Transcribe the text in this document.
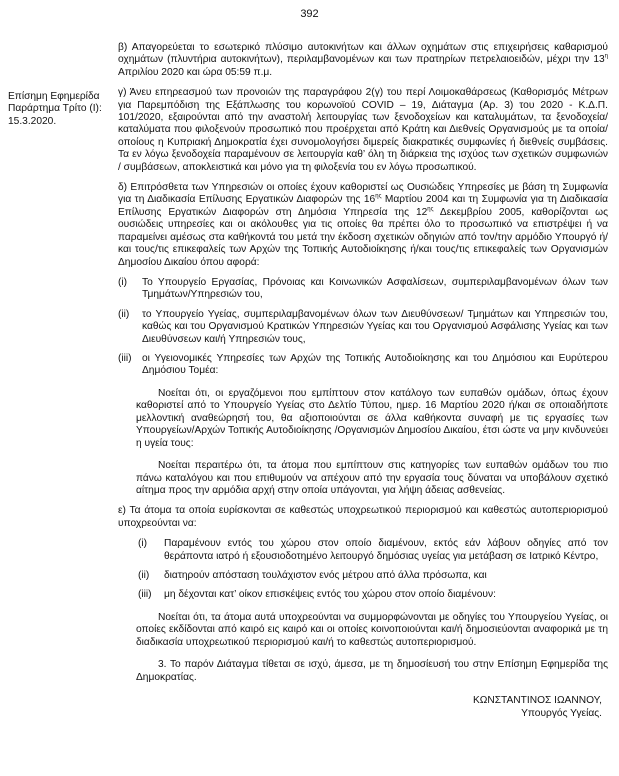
392
Επίσημη Εφημερίδα Παράρτημα Τρίτο (Ι): 15.3.2020.

β) Απαγορεύεται το εσωτερικό πλύσιμο αυτοκινήτων και άλλων οχημάτων στις επιχειρήσεις καθαρισμού οχημάτων (πλυντήρια αυτοκινήτων), περιλαμβανομένων και των πρατηρίων πετρελαιοειδών, μέχρι την $13^\eta$ Απριλίου 2020 και ώρα 05:59 π.μ.

γ) Άνευ επηρεασμού των προνοιών της παραγράφου 2(γ) του περί Λοιμοκαθάρσεως (Καθορισμός Μέτρων για Παρεμπόδιση της Εξάπλωσης του κορωνοϊού COVID – 19, Διάταγμα (Αρ. 3) του 2020 - Κ.Δ.Π. 101/2020, εξαιρούνται από την αναστολή λειτουργίας των ξενοδοχείων και καταλυμάτων, τα ξενοδοχεία/καταλύματα που φιλοξενούν προσωπικό που προέρχεται από Κράτη και Διεθνείς Οργανισμούς με τα οποία/οποίους η Κυπριακή Δημοκρατία έχει συνομολογήσει διμερείς διακρατικές συμφωνίες ή διεθνείς συμβάσεις. Τα εν λόγω ξενοδοχεία παραμένουν σε λειτουργία καθ’ όλη τη διάρκεια της ισχύος των σχετικών συμφωνιών / συμβάσεων, αποκλειστικά και μόνο για τη φιλοξενία του εν λόγω προσωπικού.

δ) Επιτρόσθετα των Υπηρεσιών οι οποίες έχουν καθοριστεί ως Ουσιώδεις Υπηρεσίες με βάση τη Συμφωνία για τη Διαδικασία Επίλυσης Εργατικών Διαφορών της $16^{\eta\varsigma}$ Μαρτίου 2004 και τη Συμφωνία για τη Διαδικασία Επίλυσης Εργατικών Διαφορών στη Δημόσια Υπηρεσία της $12^{\eta\varsigma}$ Δεκεμβρίου 2005, καθορίζονται ως ουσιώδεις υπηρεσίες και οι ακόλουθες για τις οποίες θα πρέπει όλο το προσωπικό να επιστρέψει ή να παραμείνει αμέσως στα καθήκοντά του μετά την έκδοση σχετικών οδηγιών από τον/την αρμόδιο Υπουργό ή/και τους/τις επικεφαλείς των Αρχών της Τοπικής Αυτοδιοίκησης ή/και τους/τις επικεφαλείς των Οργανισμών Δημοσίου Δικαίου όπου αφορά:

(i)	Το Υπουργείο Εργασίας, Πρόνοιας και Κοινωνικών Ασφαλίσεων, συμπεριλαμβανομένων όλων των Τμημάτων/Υπηρεσιών του,
(ii)	το Υπουργείο Υγείας, συμπεριλαμβανομένων όλων των Διευθύνσεων/ Τμημάτων και Υπηρεσιών του, καθώς και του Οργανισμού Κρατικών Υπηρεσιών Υγείας και του Οργανισμού Ασφάλισης Υγείας και των Διευθύνσεων και/ή Υπηρεσιών τους,
(iii)	οι Υγειονομικές Υπηρεσίες των Αρχών της Τοπικής Αυτοδιοίκησης και του Δημόσιου και Ευρύτερου Δημόσιου Τομέα:

Νοείται ότι, οι εργαζόμενοι που εμπίπτουν στον κατάλογο των ευπαθών ομάδων, όπως έχουν καθοριστεί από το Υπουργείο Υγείας στο Δελτίο Τύπου, ημερ. 16 Μαρτίου 2020 ή/και σε οποιαδήποτε μελλοντική αναθεώρησή του, θα αξιοποιούνται σε άλλα καθήκοντα συναφή με τις εργασίες των Υπουργείων/Αρχών Τοπικής Αυτοδιοίκησης /Οργανισμών Δημοσίου Δικαίου, έτσι ώστε να μην κινδυνεύει η υγεία τους:

Νοείται περαιτέρω ότι, τα άτομα που εμπίπτουν στις κατηγορίες των ευπαθών ομάδων του πιο πάνω καταλόγου και που επιθυμούν να απέχουν από την εργασία τους δύναται να υποβάλουν σχετικό αίτημα προς την αρμόδια αρχή στην οποία υπάγονται, για λήψη άδειας ασθενείας.

ε) Τα άτομα τα οποία ευρίσκονται σε καθεστώς υποχρεωτικού περιορισμού και καθεστώς αυτοπεριορισμού υποχρεούνται να:

(i)	Παραμένουν εντός του χώρου στον οποίο διαμένουν, εκτός εάν λάβουν οδηγίες από τον θεράποντα ιατρό ή εξουσιοδοτημένο λειτουργό δημόσιας υγείας για μετάβαση σε Ιατρικό Κέντρο,
(ii)	διατηρούν απόσταση τουλάχιστον ενός μέτρου από άλλα πρόσωπα, και
(iii)	μη δέχονται κατ’ οίκον επισκέψεις εντός του χώρου στον οποίο διαμένουν:

Νοείται ότι, τα άτομα αυτά υποχρεούνται να συμμορφώνονται με οδηγίες του Υπουργείου Υγείας, οι οποίες εκδίδονται από καιρό εις καιρό και οι οποίες κοινοποιούνται και/ή δημοσιεύονται αναφορικά με τη διαδικασία υποχρεωτικού περιορισμού και/ή το καθεστώς αυτοπεριορισμού.

3. Το παρόν Διάταγμα τίθεται σε ισχύ, άμεσα, με τη δημοσίευσή του στην Επίσημη Εφημερίδα της Δημοκρατίας.

ΚΩΝΣΤΑΝΤΙΝΟΣ ΙΩΑΝΝΟΥ,
Υπουργός Υγείας.
